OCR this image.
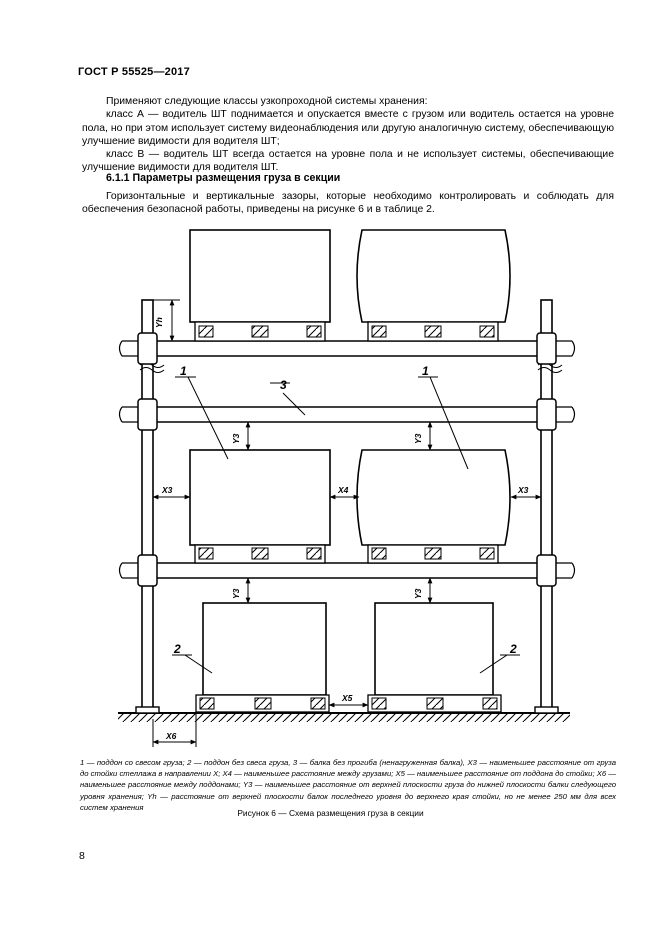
ГОСТ Р 55525—2017
Применяют следующие классы узкопроходной системы хранения:
класс А — водитель ШТ поднимается и опускается вместе с грузом или водитель остается на уровне пола, но при этом использует систему видеонаблюдения или другую аналогичную систему, обеспечивающую улучшение видимости для водителя ШТ;
класс В — водитель ШТ всегда остается на уровне пола и не использует системы, обеспечивающие улучшение видимости для водителя ШТ.
6.1.1 Параметры размещения груза в секции
Горизонтальные и вертикальные зазоры, которые необходимо контролировать и соблюдать для обеспечения безопасной работы, приведены на рисунке 6 и в таблице 2.
1
3
1
2	2
Yh
Y3	Y3
Y3	Y3
X3	X4	X3
X5
X6
1 — поддон со свесом груза; 2 — поддон без свеса груза, 3 — балка без прогиба (ненагруженная балка), X3 — наименьшее расстояние от груза до стойки стеллажа в направлении X; X4 — наименьшее расстояние между грузами; X5 — наименьшее расстояние от поддона до стойки; X6 — наименьшее расстояние между поддонами; Y3 — наименьшее расстояние от верхней плоскости груза до нижней плоскости балки следующего уровня хранения; Yh — расстояние от верхней плоскости балок последнего уровня до верхнего края стойки, но не менее 250 мм для всех систем хранения
Рисунок 6 — Схема размещения груза в секции
8
